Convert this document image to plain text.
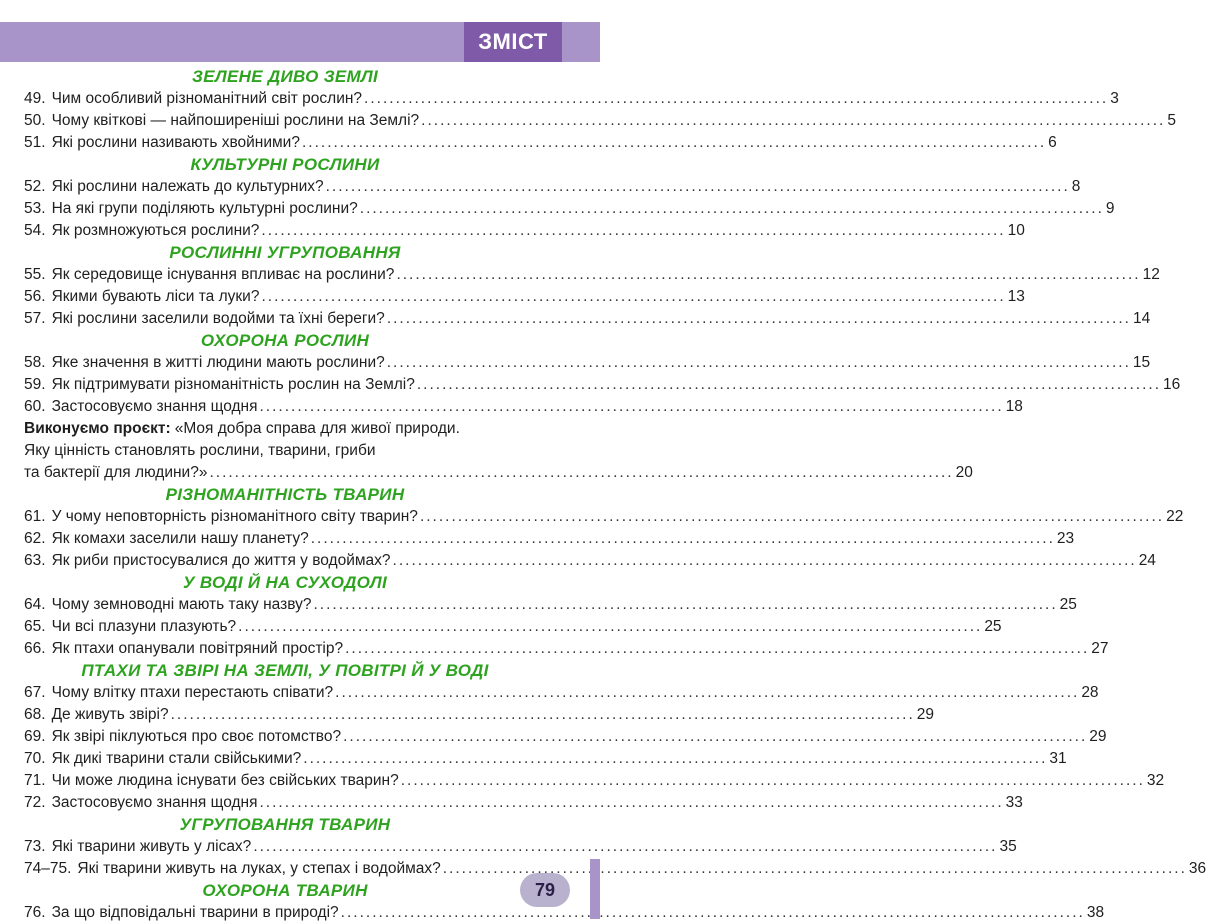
ЗМІСТ
ЗЕЛЕНЕ ДИВО ЗЕМЛІ
49. Чим особливий різноманітний світ рослин? .....	3
50. Чому квіткові — найпоширеніші рослини на Землі? .....	5
51. Які рослини називають хвойними? .....	6
КУЛЬТУРНІ РОСЛИНИ
52. Які рослини належать до культурних? .....	8
53. На які групи поділяють культурні рослини? .....	9
54. Як розмножуються рослини? .....	10
РОСЛИННІ УГРУПОВАННЯ
55. Як середовище існування впливає на рослини? .....	12
56. Якими бувають ліси та луки? .....	13
57. Які рослини заселили водойми та їхні береги? .....	14
ОХОРОНА РОСЛИН
58. Яке значення в житті людини мають рослини? .....	15
59. Як підтримувати різноманітність рослин на Землі? .....	16
60. Застосовуємо знання щодня .....	18
Виконуємо проєкт: «Моя добра справа для живої природи.
Яку цінність становлять рослини, тварини, гриби
та бактерії для людини?» .....	20
РІЗНОМАНІТНІСТЬ ТВАРИН
61. У чому неповторність різноманітного світу тварин? .....	22
62. Як комахи заселили нашу планету? .....	23
63. Як риби пристосувалися до життя у водоймах? .....	24
У ВОДІ Й НА СУХОДОЛІ
64. Чому земноводні мають таку назву? .....	25
65. Чи всі плазуни плазують? .....	25
66. Як птахи опанували повітряний простір? .....	27
ПТАХИ ТА ЗВІРІ НА ЗЕМЛІ, У ПОВІТРІ Й У ВОДІ
67. Чому влітку птахи перестають співати? .....	28
68. Де живуть звірі? .....	29
69. Як звірі піклуються про своє потомство? .....	29
70. Як дикі тварини стали свійськими? .....	31
71. Чи може людина існувати без свійських тварин? .....	32
72. Застосовуємо знання щодня .....	33
УГРУПОВАННЯ ТВАРИН
73. Які тварини живуть у лісах? .....	35
74–75. Які тварини живуть на луках, у степах і водоймах? .....	36
ОХОРОНА ТВАРИН
76. За що відповідальні тварини в природі? .....	38
79
